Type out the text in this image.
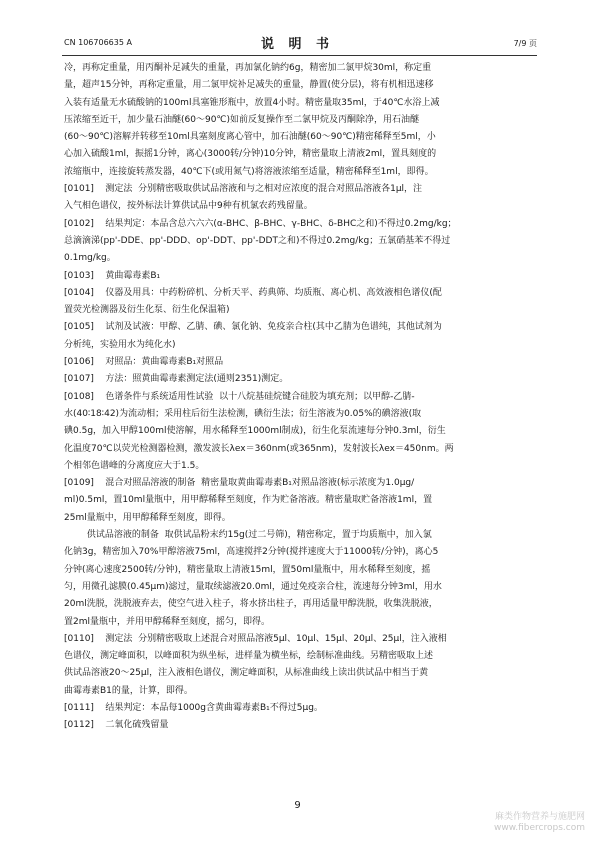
CN 106706635 A	说 明 书	7/9 页
冷，再称定重量，用丙酮补足减失的重量，再加氯化钠约6g，精密加二氯甲烷30ml，称定重
量，超声15分钟，再称定重量，用二氯甲烷补足减失的重量，静置(使分层)，将有机相迅速移
入装有适量无水硫酸钠的100ml具塞锥形瓶中，放置4小时。精密量取35ml，于40℃水浴上减
压浓缩至近干，加少量石油醚(60～90℃)如前反复操作至二氯甲烷及丙酮除净，用石油醚
(60～90℃)溶解并转移至10ml具塞刻度离心管中，加石油醚(60～90℃)精密稀释至5ml，小
心加入硫酸1ml，振摇1分钟，离心(3000转/分钟)10分钟，精密量取上清液2ml，置具刻度的
浓缩瓶中，连接旋转蒸发器，40℃下(或用氮气)将溶液浓缩至适量，精密稀释至1ml，即得。
[0101]    测定法  分别精密吸取供试品溶液和与之相对应浓度的混合对照品溶液各1μl，注
入气相色谱仪，按外标法计算供试品中9种有机氯农药残留量。
[0102]    结果判定：本品含总六六六(α-BHC、β-BHC、γ-BHC、δ-BHC之和)不得过0.2mg/kg；
总滴滴涕(pp'-DDE、pp'-DDD、op'-DDT、pp'-DDT之和)不得过0.2mg/kg；五氯硝基苯不得过
0.1mg/kg。
[0103]    黄曲霉毒素B₁
[0104]    仪器及用具：中药粉碎机、分析天平、药典筛、均质瓶、离心机、高效液相色谱仪(配
置荧光检测器及衍生化泵、衍生化保温箱)
[0105]    试剂及试液：甲醇、乙腈、碘、氯化钠、免疫亲合柱(其中乙腈为色谱纯，其他试剂为
分析纯，实验用水为纯化水)
[0106]    对照品：黄曲霉毒素B₁对照品
[0107]    方法：照黄曲霉毒素测定法(通则2351)测定。
[0108]    色谱条件与系统适用性试验  以十八烷基硅烷键合硅胶为填充剂；以甲醇-乙腈-
水(40∶18∶42)为流动相；采用柱后衍生法检测，碘衍生法；衍生溶液为0.05%的碘溶液(取
碘0.5g，加入甲醇100ml使溶解，用水稀释至1000ml制成)，衍生化泵流速每分钟0.3ml，衍生
化温度70℃以荧光检测器检测，激发波长λex＝360nm(或365nm)，发射波长λex＝450nm。两
个相邻色谱峰的分离度应大于1.5。
[0109]    混合对照品溶液的制备  精密量取黄曲霉毒素B₁对照品溶液(标示浓度为1.0μg/
ml)0.5ml，置10ml量瓶中，用甲醇稀释至刻度，作为贮备溶液。精密量取贮备溶液1ml，置
25ml量瓶中，用甲醇稀释至刻度，即得。
供试品溶液的制备  取供试品粉末约15g(过二号筛)，精密称定，置于均质瓶中，加入氯
化钠3g，精密加入70%甲醇溶液75ml，高速搅拌2分钟(搅拌速度大于11000转/分钟)，离心5
分钟(离心速度2500转/分钟)，精密量取上清液15ml，置50ml量瓶中，用水稀释至刻度，摇
匀，用微孔滤膜(0.45μm)滤过，量取续滤液20.0ml，通过免疫亲合柱，流速每分钟3ml，用水
20ml洗脱，洗脱液弃去，使空气进入柱子，将水挤出柱子，再用适量甲醇洗脱，收集洗脱液，
置2ml量瓶中，并用甲醇稀释至刻度，摇匀，即得。
[0110]    测定法  分别精密吸取上述混合对照品溶液5μl、10μl、15μl、20μl、25μl，注入液相
色谱仪，测定峰面积，以峰面积为纵坐标，进样量为横坐标，绘制标准曲线。另精密吸取上述
供试品溶液20～25μl，注入液相色谱仪，测定峰面积，从标准曲线上读出供试品中相当于黄
曲霉毒素B1的量，计算，即得。
[0111]    结果判定：本品每1000g含黄曲霉毒素B₁不得过5μg。
[0112]    二氧化硫残留量
9
麻类作物营养与施肥网
www.fibercrops.com
